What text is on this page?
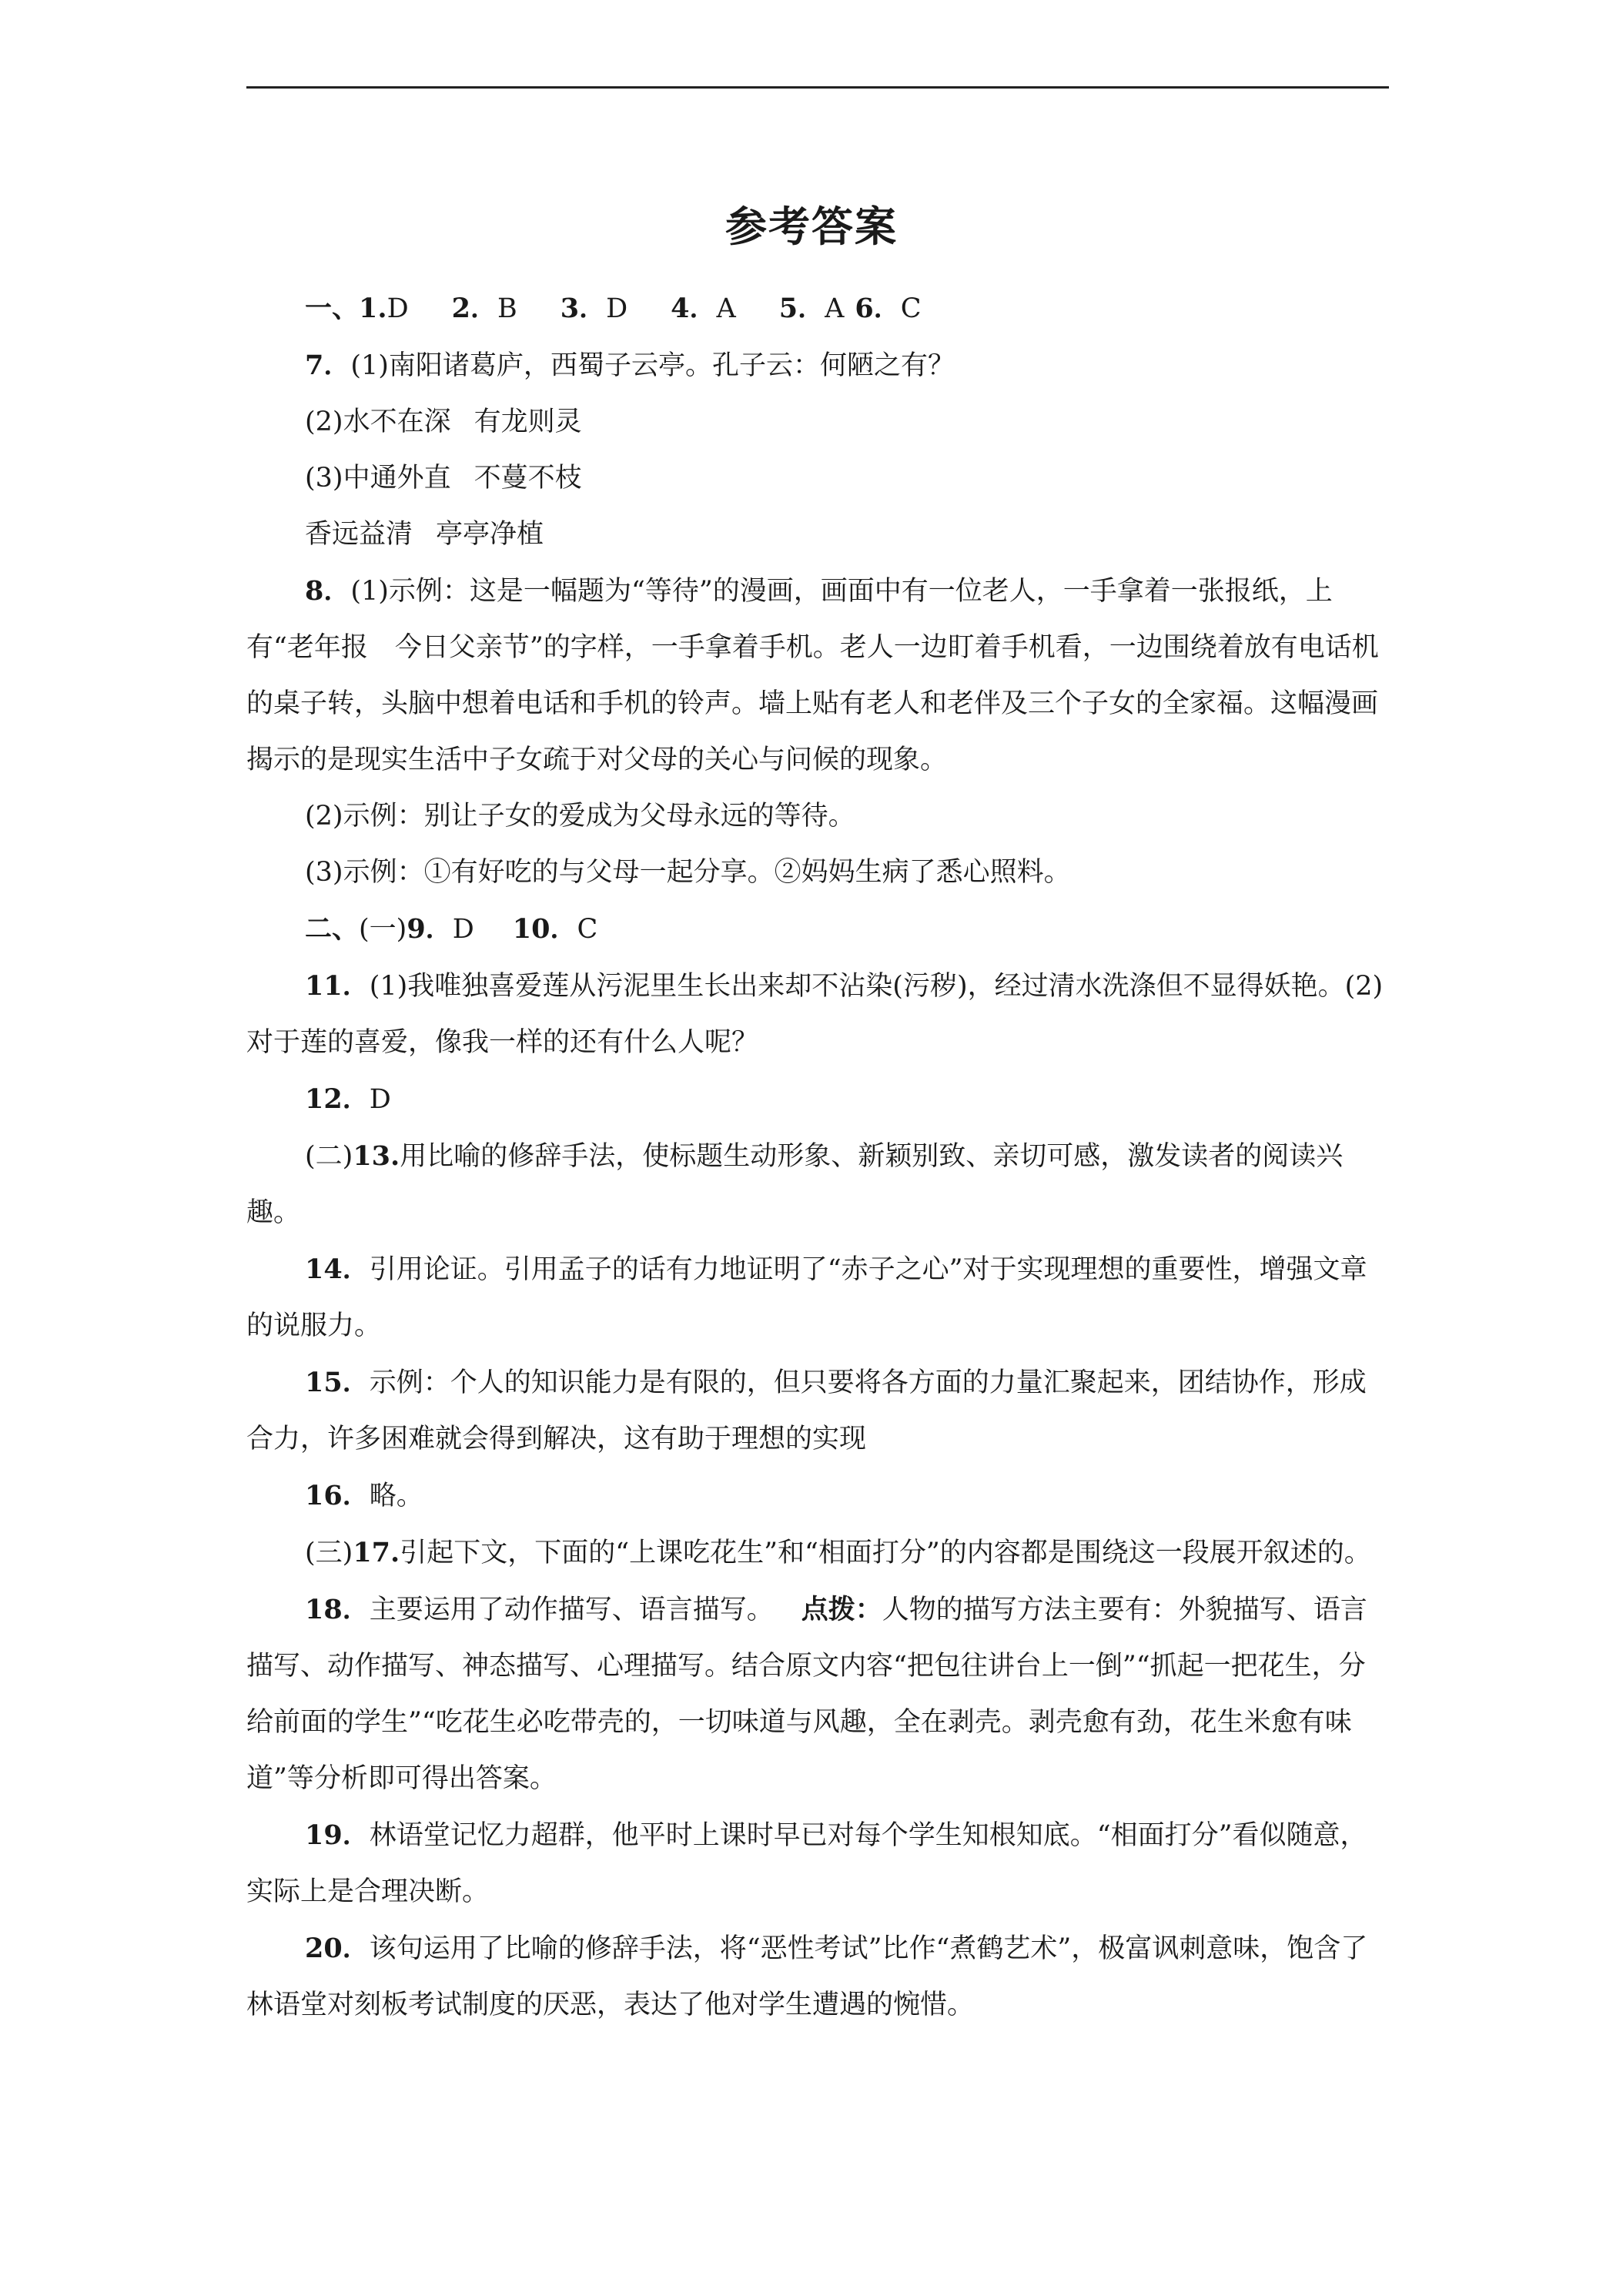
参考答案

一、1.D 2．B 3．D 4．A 5．A 6．C

7．(1)南阳诸葛庐，西蜀子云亭。孔子云：何陋之有？

(2)水不在深 有龙则灵

(3)中通外直 不蔓不枝

香远益清 亭亭净植

8．(1)示例：这是一幅题为“等待”的漫画，画面中有一位老人，一手拿着一张报纸，上有“老年报　今日父亲节”的字样，一手拿着手机。老人一边盯着手机看，一边围绕着放有电话机的桌子转，头脑中想着电话和手机的铃声。墙上贴有老人和老伴及三个子女的全家福。这幅漫画揭示的是现实生活中子女疏于对父母的关心与问候的现象。

(2)示例：别让子女的爱成为父母永远的等待。

(3)示例：①有好吃的与父母一起分享。②妈妈生病了悉心照料。

二、(一)9．D 10．C

11．(1)我唯独喜爱莲从污泥里生长出来却不沾染(污秽)，经过清水洗涤但不显得妖艳。(2)对于莲的喜爱，像我一样的还有什么人呢？

12．D

(二)13.用比喻的修辞手法，使标题生动形象、新颖别致、亲切可感，激发读者的阅读兴趣。

14．引用论证。引用孟子的话有力地证明了“赤子之心”对于实现理想的重要性，增强文章的说服力。

15．示例：个人的知识能力是有限的，但只要将各方面的力量汇聚起来，团结协作，形成合力，许多困难就会得到解决，这有助于理想的实现

16．略。

(三)17.引起下文，下面的“上课吃花生”和“相面打分”的内容都是围绕这一段展开叙述的。

18．主要运用了动作描写、语言描写。 点拨：人物的描写方法主要有：外貌描写、语言描写、动作描写、神态描写、心理描写。结合原文内容“把包往讲台上一倒”“抓起一把花生，分给前面的学生”“吃花生必吃带壳的，一切味道与风趣，全在剥壳。剥壳愈有劲，花生米愈有味道”等分析即可得出答案。

19．林语堂记忆力超群，他平时上课时早已对每个学生知根知底。“相面打分”看似随意，实际上是合理决断。

20．该句运用了比喻的修辞手法，将“恶性考试”比作“煮鹤艺术”，极富讽刺意味，饱含了林语堂对刻板考试制度的厌恶，表达了他对学生遭遇的惋惜。
